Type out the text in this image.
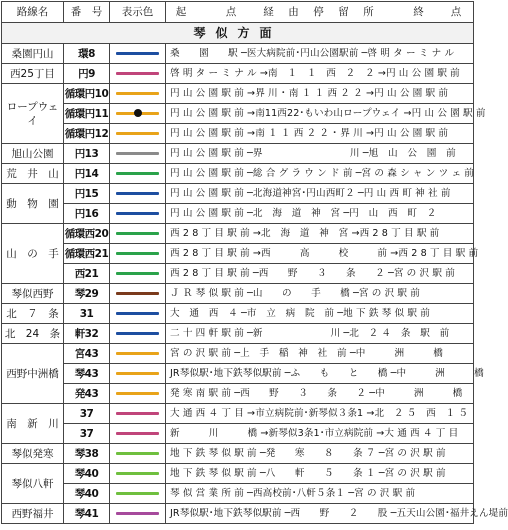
路線名	番　号	表示色	起　　　点　　経　由　停　留　所　　　終　　点
琴似方面			
桑園円山	環8		桑　　園　　駅 ─医大病院前･円山公園駅前 ─啓 明 タ ー ミ ナ ル
西25丁目	円9		啓 明 タ ー ミ ナ ル →南　１　１　西　２　２ →円 山 公 園 駅 前
ロープウェイ	循環円10		円 山 公 園 駅 前 →界 川 ･ 南 １ １ 西 ２ ２ →円 山 公 園 駅 前
	循環円11		円 山 公 園 駅 前 →南11西22･もいわ山ロープウェイ →円 山 公 園 駅 前
	循環円12		円 山 公 園 駅 前 →南 １ １ 西 ２ ２ ･ 界 川 →円 山 公 園 駅 前
旭山公園	円13		円 山 公 園 駅 前 ─界　　　　　　　　　川 ─旭　山　公　園　前
荒　井　山	円14		円 山 公 園 駅 前 ─総 合 グ ラ ウ ン ド 前 ─宮 の 森 シ ャ ン ツ ェ 前
動　物　園	円15		円 山 公 園 駅 前 ─北海道神宮･円山西町２ ─円 山 西 町 神 社 前
	円16		円 山 公 園 駅 前 ─北　海　道　神　宮 ─円　山　西　町　２
山　の　手	循環西20		西 2 8 丁 目 駅 前 →北　海　道　神　宮 →西 2 8 丁 目 駅 前
	循環西21		西 2 8 丁 目 駅 前 →西　　　高　　　校　　　前 →西 2 8 丁 目 駅 前
	西21		西 2 8 丁 目 駅 前 ─西　　野　　３　　条　　２ ─宮 の 沢 駅 前
琴似西野	琴29		Ｊ Ｒ 琴 似 駅 前 ─山　　の　　手　　橋 ─宮 の 沢 駅 前
北　７　条	31		大　通　西　４ ─市　立　病　院　前 ─地 下 鉄 琴 似 駅 前
北　24　条	軒32		二 十 四 軒 駅 前 ─新　　　　　　　川 ─北　２ ４　条　駅　前
西野中洲橋	宮43		宮 の 沢 駅 前 ─上　手　稲　神　社　前 ─中　　　洲　　　橋
	琴43		JR琴似駅･地下鉄琴似駅前 ─ふ　　も　　と　　橋 ─中　　　洲　　　橋
	発43		発 寒 南 駅 前 ─西　　野　　３　　条　　２ ─中　　　洲　　　橋
南　新　川	37		大 通 西 ４ 丁 目 →市立病院前･新琴似３条1 →北　２ ５　西　１ ５
	37		新　　　川　　　橋 →新琴似3条1･市立病院前 →大 通 西 ４ 丁 目
琴似発寒	琴38		地 下 鉄 琴 似 駅 前 ─発　　寒　　８　　条 ７ ─宮 の 沢 駅 前
琴似八軒	琴40		地 下 鉄 琴 似 駅 前 ─八　　軒　　５　　条 １ ─宮 の 沢 駅 前
	琴40		琴 似 営 業 所 前 ─西高校前･八軒５条１ ─宮 の 沢 駅 前
西野福井	琴41		JR琴似駅･地下鉄琴似駅前 ─西　　野　　２　　股 ─五天山公園･福井えん堤前
